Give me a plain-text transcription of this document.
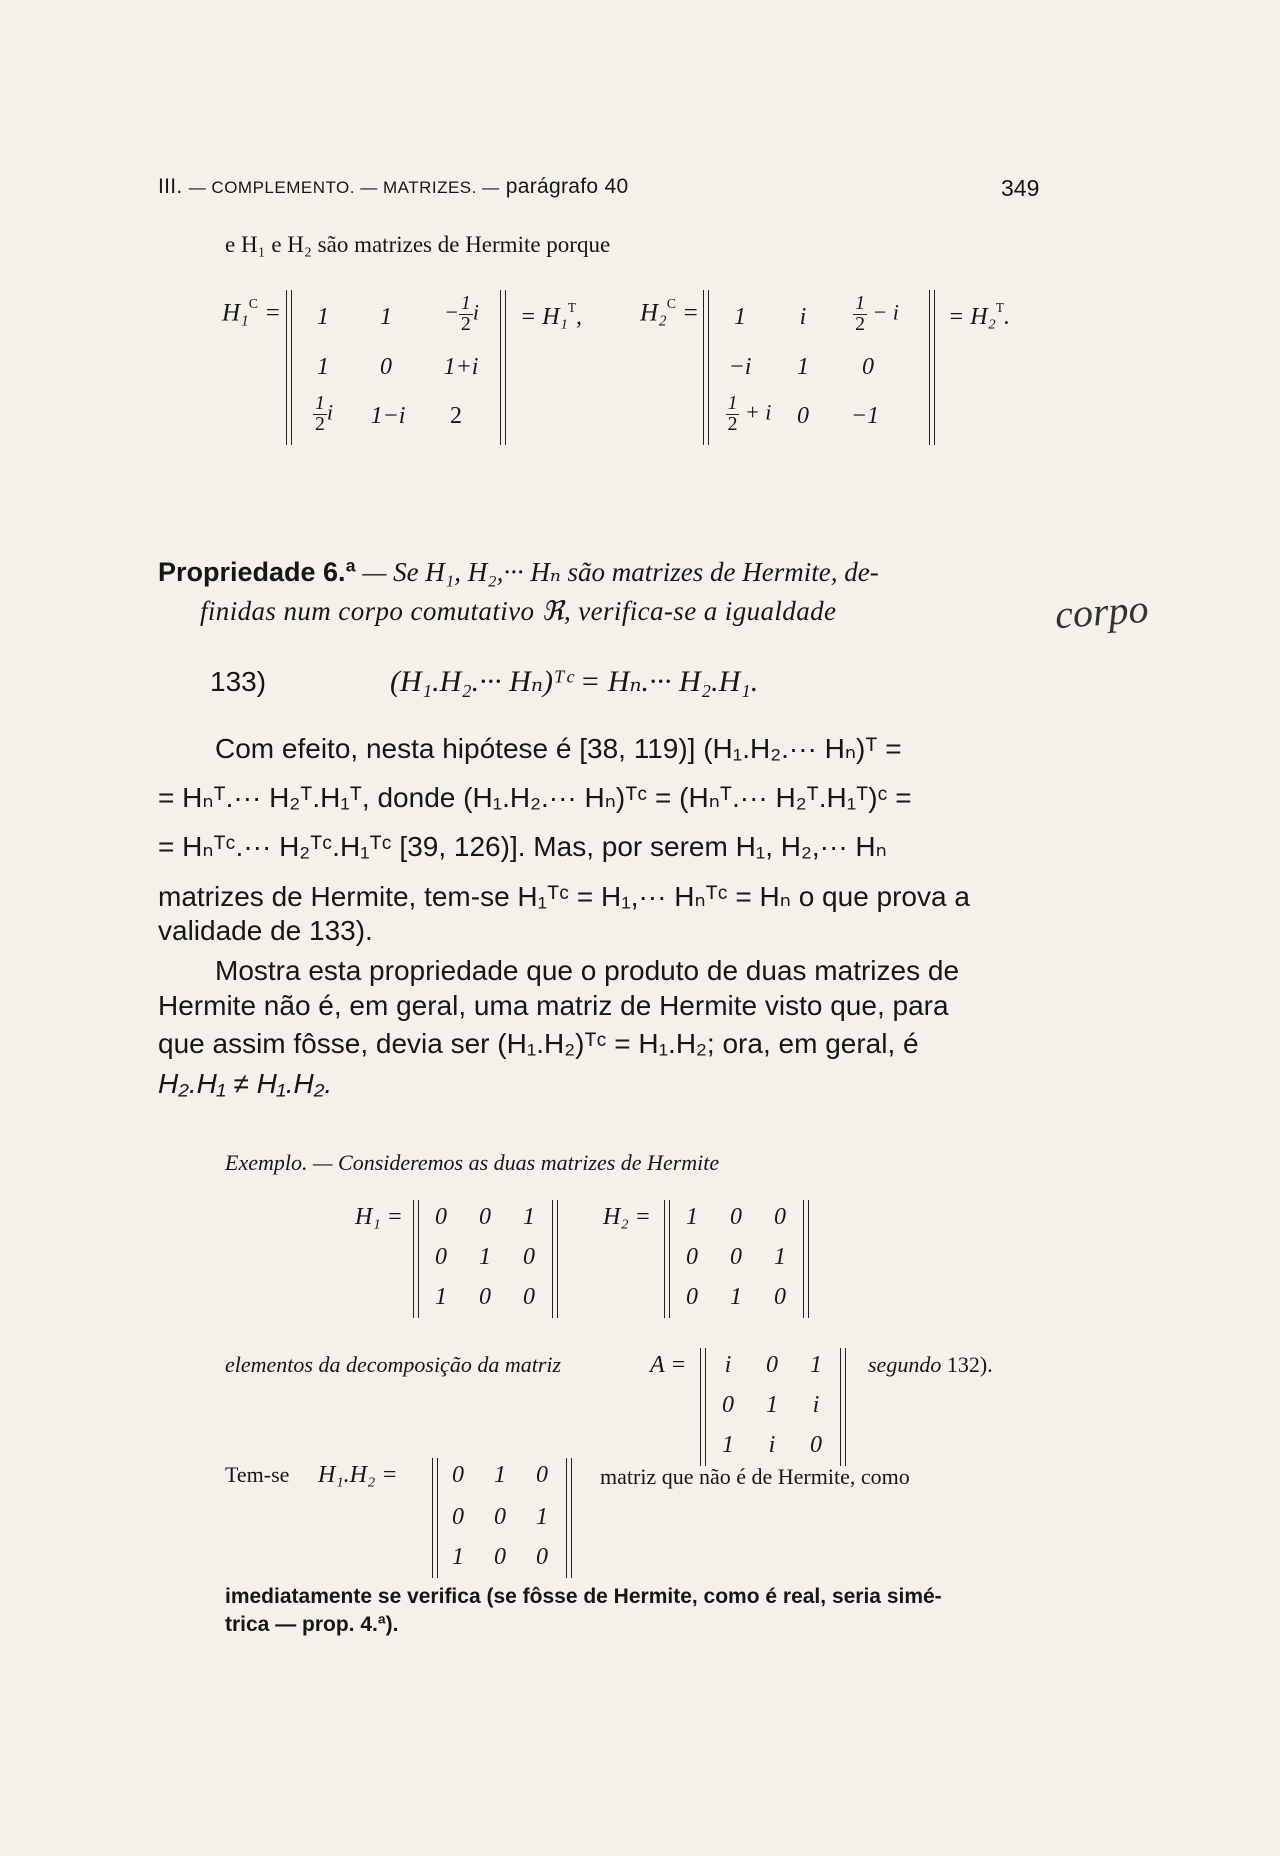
III. — COMPLEMENTO. — MATRIZES. — parágrafo 40	349
e H₁ e H₂ são matrizes de Hermite porque
H₁$^C$ =	1	1	− $\frac{1}{2}$ i
1	0	1+i
$\frac{1}{2}$ i	1−i	2
= H₁$^T$, H₂$^C$ =	1	i	$\frac{1}{2} - i$
−i	1	0
$\frac{1}{2} + i$	0	−1
= H₂$^T$.
Propriedade 6.ª — Se H₁, H₂,··· Hₙ são matrizes de Hermite, de-
finidas num corpo comutativo ℜ, verifica-se a igualdade	corpo
133)	(H₁.H₂.··· Hₙ)ᵀᶜ = Hₙ.··· H₂.H₁.
Com efeito, nesta hipótese é [38, 119)] (H₁.H₂.··· Hₙ)ᵀ =
= Hₙᵀ.··· H₂ᵀ.H₁ᵀ, donde (H₁.H₂.··· Hₙ)ᵀᶜ = (Hₙᵀ.··· H₂ᵀ.H₁ᵀ)ᶜ =
= Hₙᵀᶜ.··· H₂ᵀᶜ.H₁ᵀᶜ [39, 126)]. Mas, por serem H₁, H₂,··· Hₙ
matrizes de Hermite, tem-se H₁ᵀᶜ = H₁,··· Hₙᵀᶜ = Hₙ o que prova a
validade de 133).
Mostra esta propriedade que o produto de duas matrizes de
Hermite não é, em geral, uma matriz de Hermite visto que, para
que assim fôsse, devia ser (H₁.H₂)ᵀᶜ = H₁.H₂; ora, em geral, é
H₂.H₁ ≠ H₁.H₂.
Exemplo. — Consideremos as duas matrizes de Hermite
H₁ = 0 0 1
0 1 0
1 0 0
H₂ = 1 0 0
0 0 1
0 1 0
elementos da decomposição da matriz	A =	i	0 1
0 1	i
1	i	0
segundo 132).
Tem-se H₁.H₂ = 0 1 0
0 0 1
1 0 0
matriz que não é de Hermite, como
imediatamente se verifica (se fôsse de Hermite, como é real, seria simé-
trica — prop. 4.ª).
